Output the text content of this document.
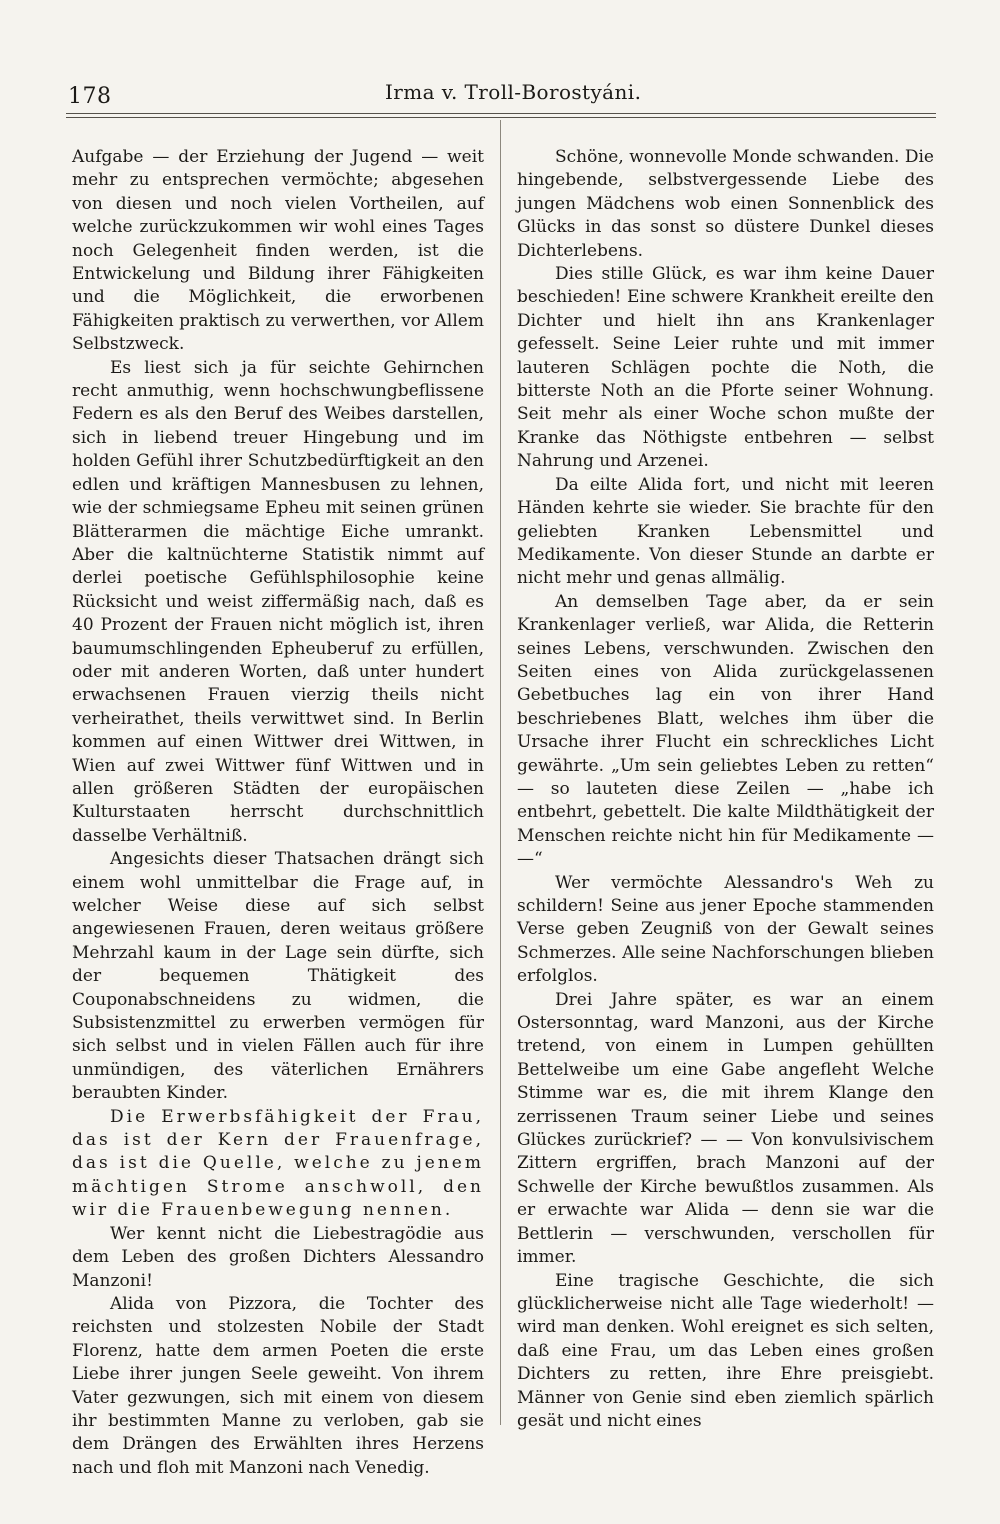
178	Irma v. Troll-Borostyáni.

Aufgabe — der Erziehung der Jugend — weit mehr zu entsprechen vermöchte; abgesehen von diesen und noch vielen Vortheilen, auf welche zurückzukommen wir wohl eines Tages noch Gelegenheit finden werden, ist die Entwickelung und Bildung ihrer Fähigkeiten und die Möglichkeit, die erworbenen Fähigkeiten praktisch zu verwerthen, vor Allem Selbstzweck.

Es liest sich ja für seichte Gehirnchen recht anmuthig, wenn hochschwungbeflissene Federn es als den Beruf des Weibes darstellen, sich in liebend treuer Hingebung und im holden Gefühl ihrer Schutzbedürftigkeit an den edlen und kräftigen Mannesbusen zu lehnen, wie der schmiegsame Epheu mit seinen grünen Blätterarmen die mächtige Eiche umrankt. Aber die kaltnüchterne Statistik nimmt auf derlei poetische Gefühlsphilosophie keine Rücksicht und weist ziffermäßig nach, daß es 40 Prozent der Frauen nicht möglich ist, ihren baumumschlingenden Epheuberuf zu erfüllen, oder mit anderen Worten, daß unter hundert erwachsenen Frauen vierzig theils nicht verheirathet, theils verwittwet sind. In Berlin kommen auf einen Wittwer drei Wittwen, in Wien auf zwei Wittwer fünf Wittwen und in allen größeren Städten der europäischen Kulturstaaten herrscht durchschnittlich dasselbe Verhältniß.

Angesichts dieser Thatsachen drängt sich einem wohl unmittelbar die Frage auf, in welcher Weise diese auf sich selbst angewiesenen Frauen, deren weitaus größere Mehrzahl kaum in der Lage sein dürfte, sich der bequemen Thätigkeit des Couponabschneidens zu widmen, die Subsistenzmittel zu erwerben vermögen für sich selbst und in vielen Fällen auch für ihre unmündigen, des väterlichen Ernährers beraubten Kinder.

Die Erwerbsfähigkeit der Frau, das ist der Kern der Frauenfrage, das ist die Quelle, welche zu jenem mächtigen Strome anschwoll, den wir die Frauenbewegung nennen.

Wer kennt nicht die Liebestragödie aus dem Leben des großen Dichters Alessandro Manzoni!

Alida von Pizzora, die Tochter des reichsten und stolzesten Nobile der Stadt Florenz, hatte dem armen Poeten die erste Liebe ihrer jungen Seele geweiht. Von ihrem Vater gezwungen, sich mit einem von diesem ihr bestimmten Manne zu verloben, gab sie dem Drängen des Erwählten ihres Herzens nach und floh mit Manzoni nach Venedig.

Schöne, wonnevolle Monde schwanden. Die hingebende, selbstvergessende Liebe des jungen Mädchens wob einen Sonnenblick des Glücks in das sonst so düstere Dunkel dieses Dichterlebens.

Dies stille Glück, es war ihm keine Dauer beschieden! Eine schwere Krankheit ereilte den Dichter und hielt ihn ans Krankenlager gefesselt. Seine Leier ruhte und mit immer lauteren Schlägen pochte die Noth, die bitterste Noth an die Pforte seiner Wohnung. Seit mehr als einer Woche schon mußte der Kranke das Nöthigste entbehren — selbst Nahrung und Arzenei.

Da eilte Alida fort, und nicht mit leeren Händen kehrte sie wieder. Sie brachte für den geliebten Kranken Lebensmittel und Medikamente. Von dieser Stunde an darbte er nicht mehr und genas allmälig.

An demselben Tage aber, da er sein Krankenlager verließ, war Alida, die Retterin seines Lebens, verschwunden. Zwischen den Seiten eines von Alida zurückgelassenen Gebetbuches lag ein von ihrer Hand beschriebenes Blatt, welches ihm über die Ursache ihrer Flucht ein schreckliches Licht gewährte. „Um sein geliebtes Leben zu retten“ — so lauteten diese Zeilen — „habe ich entbehrt, gebettelt. Die kalte Mildthätigkeit der Menschen reichte nicht hin für Medikamente — —“

Wer vermöchte Alessandro's Weh zu schildern! Seine aus jener Epoche stammenden Verse geben Zeugniß von der Gewalt seines Schmerzes. Alle seine Nachforschungen blieben erfolglos.

Drei Jahre später, es war an einem Ostersonntag, ward Manzoni, aus der Kirche tretend, von einem in Lumpen gehüllten Bettelweibe um eine Gabe angefleht Welche Stimme war es, die mit ihrem Klange den zerrissenen Traum seiner Liebe und seines Glückes zurückrief? — — Von konvulsivischem Zittern ergriffen, brach Manzoni auf der Schwelle der Kirche bewußtlos zusammen. Als er erwachte war Alida — denn sie war die Bettlerin — verschwunden, verschollen für immer.

Eine tragische Geschichte, die sich glücklicherweise nicht alle Tage wiederholt! — wird man denken. Wohl ereignet es sich selten, daß eine Frau, um das Leben eines großen Dichters zu retten, ihre Ehre preisgiebt. Männer von Genie sind eben ziemlich spärlich gesät und nicht eines
